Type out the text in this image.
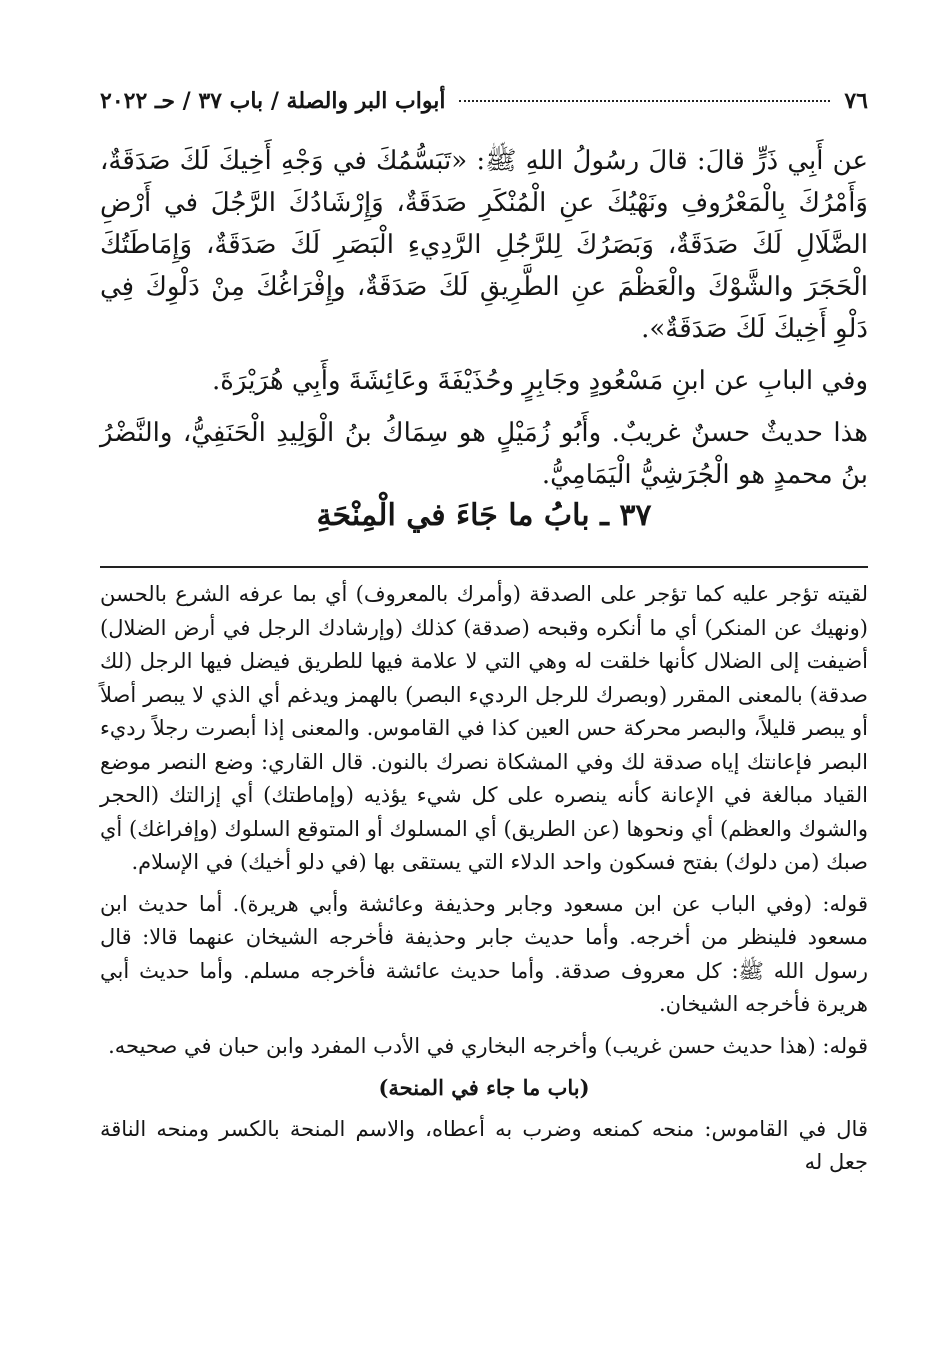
٧٦
أبواب البر والصلة / باب ٣٧ / حـ ٢٠٢٢

عن أَبِي ذَرٍّ قالَ: قالَ رسُولُ اللهِ ﷺ: «تَبَسُّمُكَ في وَجْهِ أَخِيكَ لَكَ صَدَقَةٌ، وَأَمْرُكَ بِالْمَعْرُوفِ ونَهْيُكَ عنِ الْمُنْكَرِ صَدَقَةٌ، وَإِرْشَادُكَ الرَّجُلَ في أَرْضِ الضَّلَالِ لَكَ صَدَقَةٌ، وَبَصَرُكَ لِلرَّجُلِ الرَّدِيءِ الْبَصَرِ لَكَ صَدَقَةٌ، وَإِمَاطَتُكَ الْحَجَرَ والشَّوْكَ والْعَظْمَ عنِ الطَّرِيقِ لَكَ صَدَقَةٌ، وإِفْرَاغُكَ مِنْ دَلْوِكَ فِي دَلْوِ أَخِيكَ لَكَ صَدَقَةٌ».

وفي البابِ عن ابنِ مَسْعُودٍ وجَابِرٍ وحُذَيْفَةَ وعَائِشَةَ وأَبِي هُرَيْرَةَ.

هذا حديثٌ حسنٌ غريبٌ. وأَبُو زُمَيْلٍ هو سِمَاكُ بنُ الْوَلِيدِ الْحَنَفِيُّ، والنَّضْرُ بنُ محمدٍ هو الْجُرَشِيُّ الْيَمَامِيُّ.

٣٧ ـ بابُ ما جَاءَ في الْمِنْحَةِ

لقيته تؤجر عليه كما تؤجر على الصدقة (وأمرك بالمعروف) أي بما عرفه الشرع بالحسن (ونهيك عن المنكر) أي ما أنكره وقبحه (صدقة) كذلك (وإرشادك الرجل في أرض الضلال) أضيفت إلى الضلال كأنها خلقت له وهي التي لا علامة فيها للطريق فيضل فيها الرجل (لك صدقة) بالمعنى المقرر (وبصرك للرجل الرديء البصر) بالهمز ويدغم أي الذي لا يبصر أصلاً أو يبصر قليلاً، والبصر محركة حس العين كذا في القاموس. والمعنى إذا أبصرت رجلاً رديء البصر فإعانتك إياه صدقة لك وفي المشكاة نصرك بالنون. قال القاري: وضع النصر موضع القياد مبالغة في الإعانة كأنه ينصره على كل شيء يؤذيه (وإماطتك) أي إزالتك (الحجر والشوك والعظم) أي ونحوها (عن الطريق) أي المسلوك أو المتوقع السلوك (وإفراغك) أي صبك (من دلوك) بفتح فسكون واحد الدلاء التي يستقى بها (في دلو أخيك) في الإسلام.

قوله: (وفي الباب عن ابن مسعود وجابر وحذيفة وعائشة وأبي هريرة). أما حديث ابن مسعود فلينظر من أخرجه. وأما حديث جابر وحذيفة فأخرجه الشيخان عنهما قالا: قال رسول الله ﷺ: كل معروف صدقة. وأما حديث عائشة فأخرجه مسلم. وأما حديث أبي هريرة فأخرجه الشيخان.

قوله: (هذا حديث حسن غريب) وأخرجه البخاري في الأدب المفرد وابن حبان في صحيحه.

(باب ما جاء في المنحة)

قال في القاموس: منحه كمنعه وضرب به أعطاه، والاسم المنحة بالكسر ومنحه الناقة جعل له
